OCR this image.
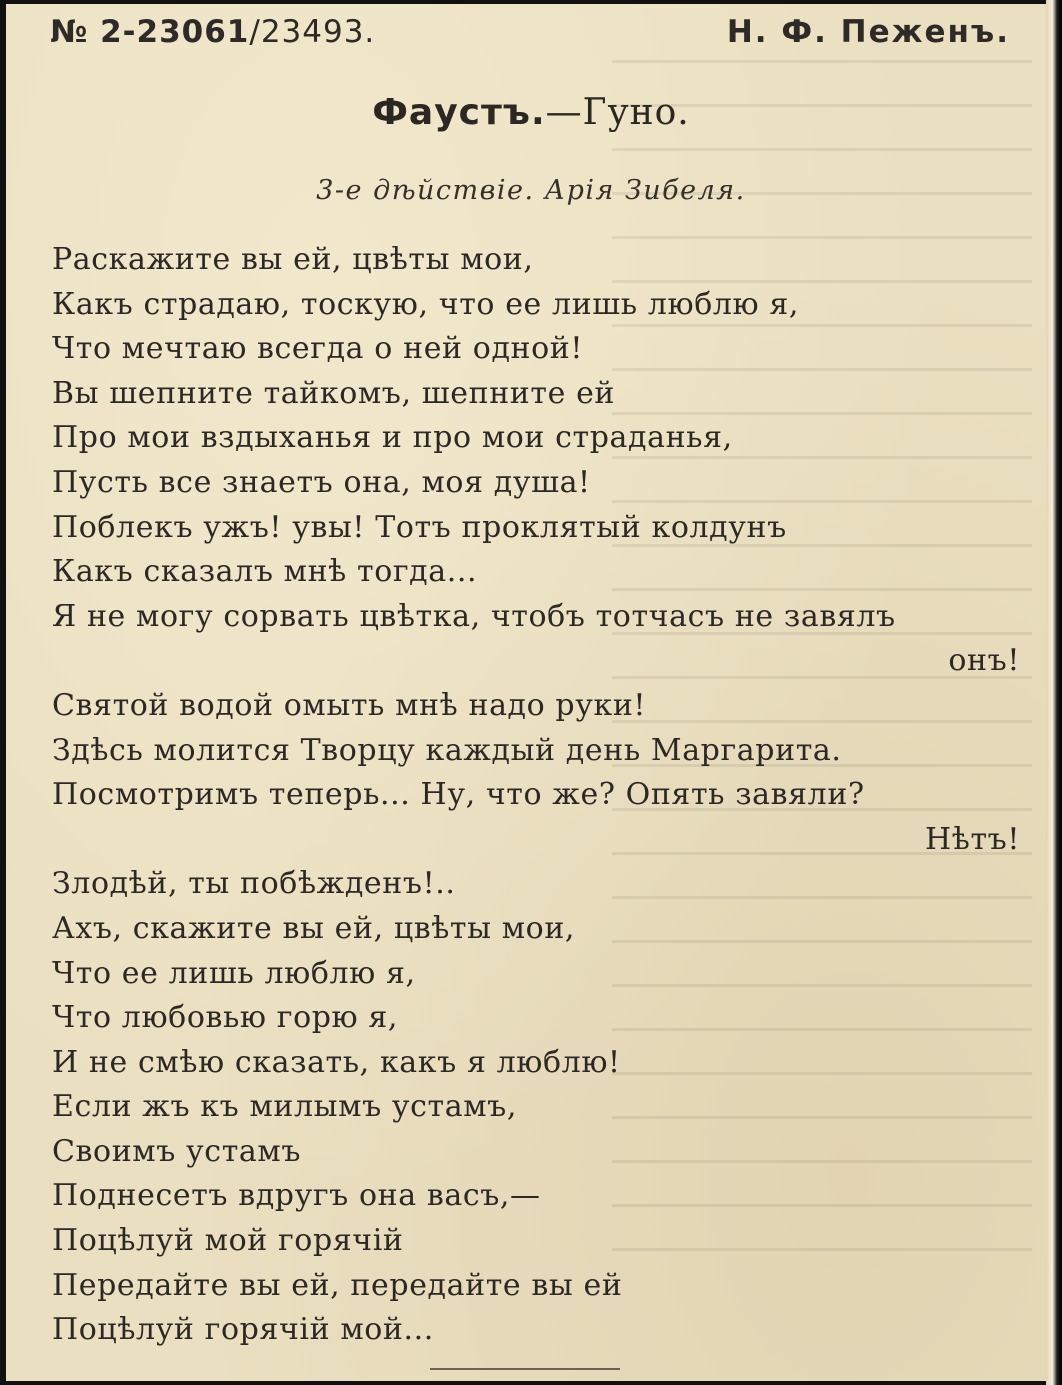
№ 2-23061/23493.	Н. Ф. Пеженъ.
Фаустъ.—Гуно.
3-е дѣйствiе. Арiя Зибеля.
Раскажите вы ей, цвѣты мои,
Какъ страдаю, тоскую, что ее лишь люблю я,
Что мечтаю всегда о ней одной!
Вы шепните тайкомъ, шепните ей
Про мои вздыханья и про мои страданья,
Пусть все знаетъ она, моя душа!
Поблекъ ужъ! увы! Тотъ проклятый колдунъ
Какъ сказалъ мнѣ тогда...
Я не могу сорвать цвѣтка, чтобъ тотчасъ не завялъ
онъ!
Святой водой омыть мнѣ надо руки!
Здѣсь молится Творцу каждый день Маргарита.
Посмотримъ теперь... Ну, что же? Опять завяли?
Нѣтъ!
Злодѣй, ты побѣжденъ!..
Ахъ, скажите вы ей, цвѣты мои,
Что ее лишь люблю я,
Что любовью горю я,
И не смѣю сказать, какъ я люблю!
Если жъ къ милымъ устамъ,
Своимъ устамъ
Поднесетъ вдругъ она васъ,—
Поцѣлуй мой горячiй
Передайте вы ей, передайте вы ей
Поцѣлуй горячiй мой...
